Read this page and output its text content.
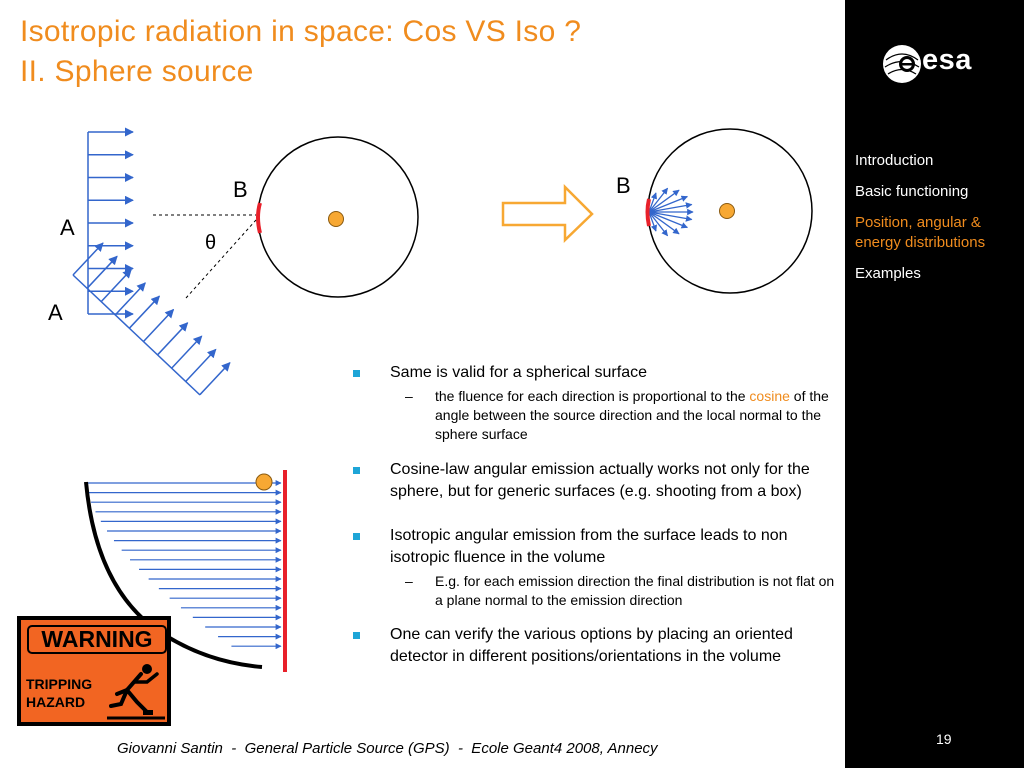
Isotropic radiation in space: Cos VS Iso ?
II. Sphere source	esa
Introduction
Basic functioning
Position, angular &
energy distributions
Examples
19
B
A
A
θ
B
Same is valid for a spherical surface
– the fluence for each direction is proportional to the cosine of the angle between the source direction and the local normal to the sphere surface
Cosine-law angular emission actually works not only for the sphere, but for generic surfaces (e.g. shooting from a box)
Isotropic angular emission from the surface leads to non isotropic fluence in the volume
– E.g. for each emission direction the final distribution is not flat on a plane normal to the emission direction
One can verify the various options by placing an oriented detector in different positions/orientations in the volume
WARNING
TRIPPING
HAZARD
Giovanni Santin  -  General Particle Source (GPS)  -  Ecole Geant4 2008, Annecy
